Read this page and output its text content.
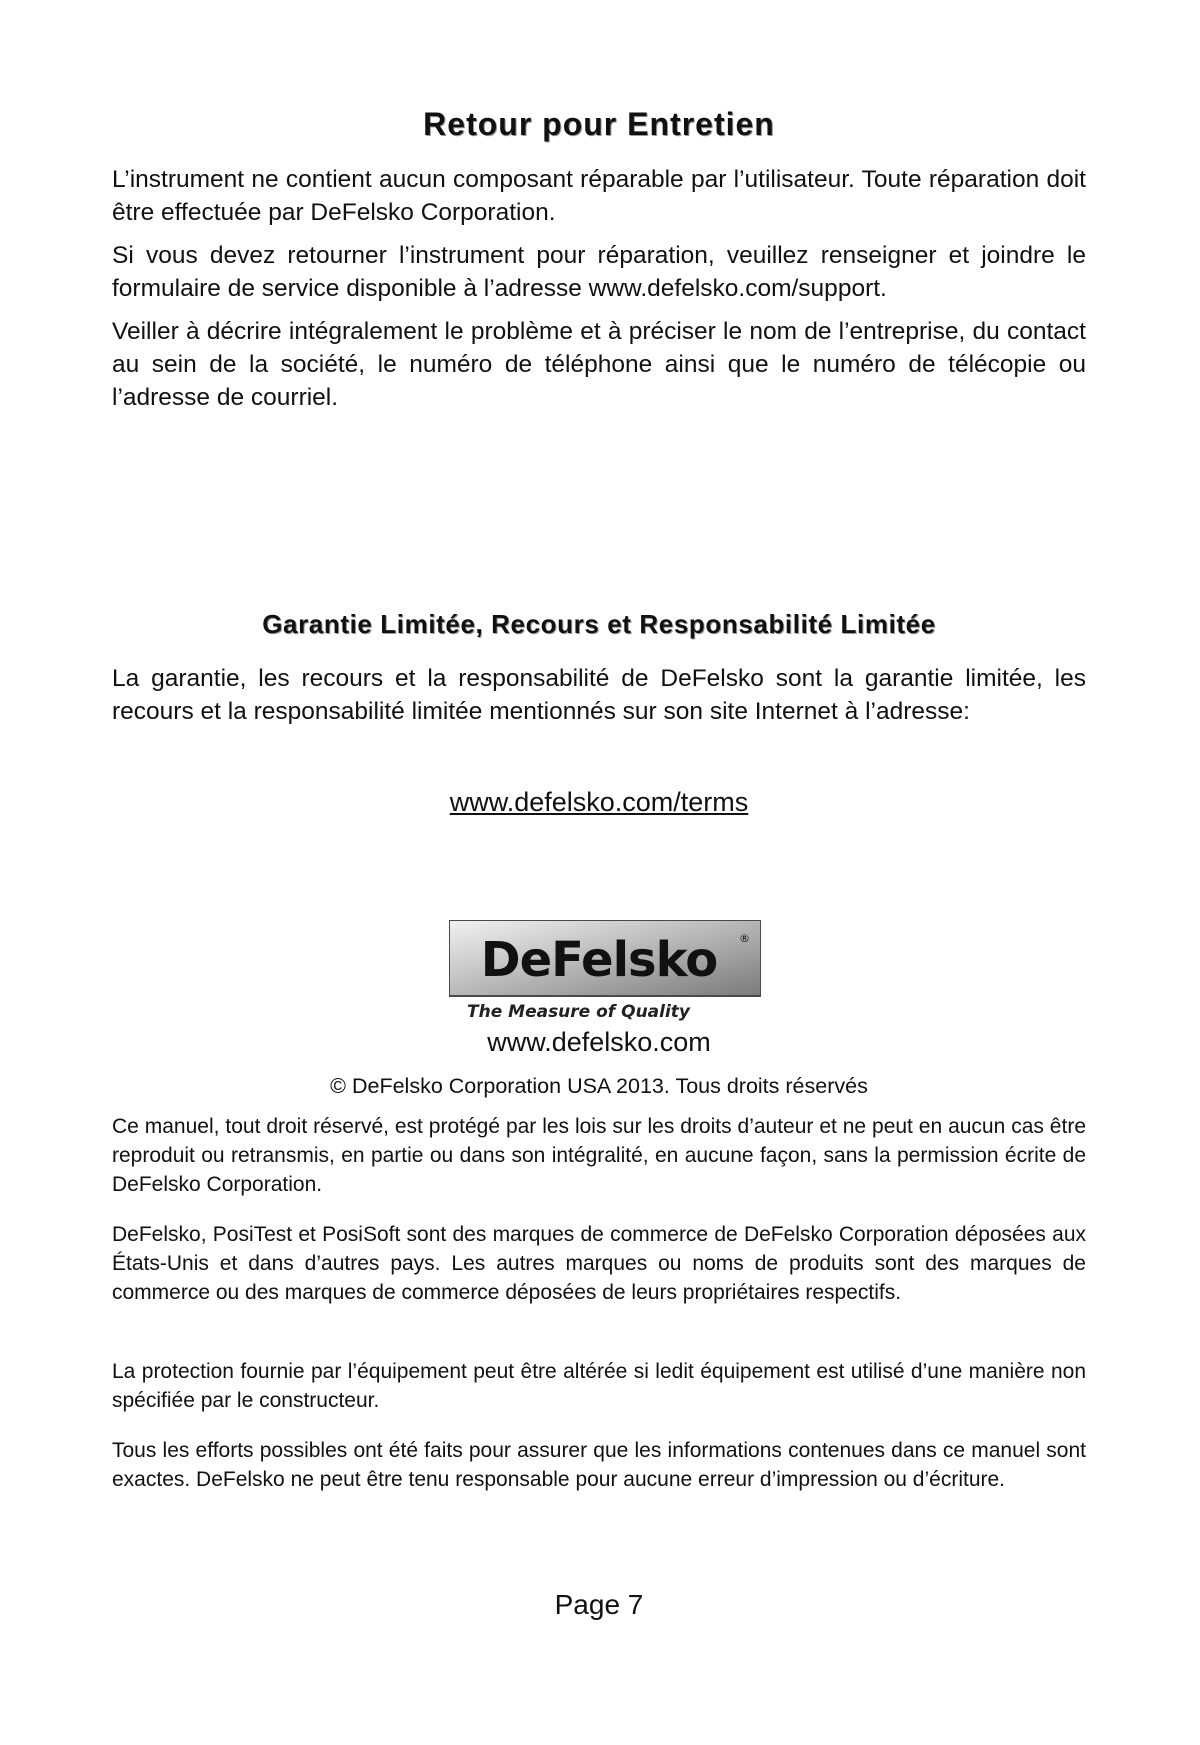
Retour pour Entretien

L’instrument ne contient aucun composant réparable par l’utilisateur. Toute réparation doit être effectuée par DeFelsko Corporation.

Si vous devez retourner l’instrument pour réparation, veuillez renseigner et joindre le formulaire de service disponible à l’adresse www.defelsko.com/support.

Veiller à décrire intégralement le problème et à préciser le nom de l’entreprise, du contact au sein de la société, le numéro de téléphone ainsi que le numéro de télécopie ou l’adresse de courriel.

Garantie Limitée, Recours et Responsabilité Limitée

La garantie, les recours et la responsabilité de DeFelsko sont la garantie limitée, les recours et la responsabilité limitée mentionnés sur son site Internet à l’adresse:

www.defelsko.com/terms
DeFelsko ®
The Measure of Quality
www.defelsko.com
© DeFelsko Corporation USA 2013. Tous droits réservés

Ce manuel, tout droit réservé, est protégé par les lois sur les droits d’auteur et ne peut en aucun cas être reproduit ou retransmis, en partie ou dans son intégralité, en aucune façon, sans la permission écrite de DeFelsko Corporation.

DeFelsko, PosiTest et PosiSoft sont des marques de commerce de DeFelsko Corporation déposées aux États-Unis et dans d’autres pays. Les autres marques ou noms de produits sont des marques de commerce ou des marques de commerce déposées de leurs propriétaires respectifs.

La protection fournie par l’équipement peut être altérée si ledit équipement est utilisé d’une manière non spécifiée par le constructeur.

Tous les efforts possibles ont été faits pour assurer que les informations contenues dans ce manuel sont exactes. DeFelsko ne peut être tenu responsable pour aucune erreur d’impression ou d’écriture.

Page 7
